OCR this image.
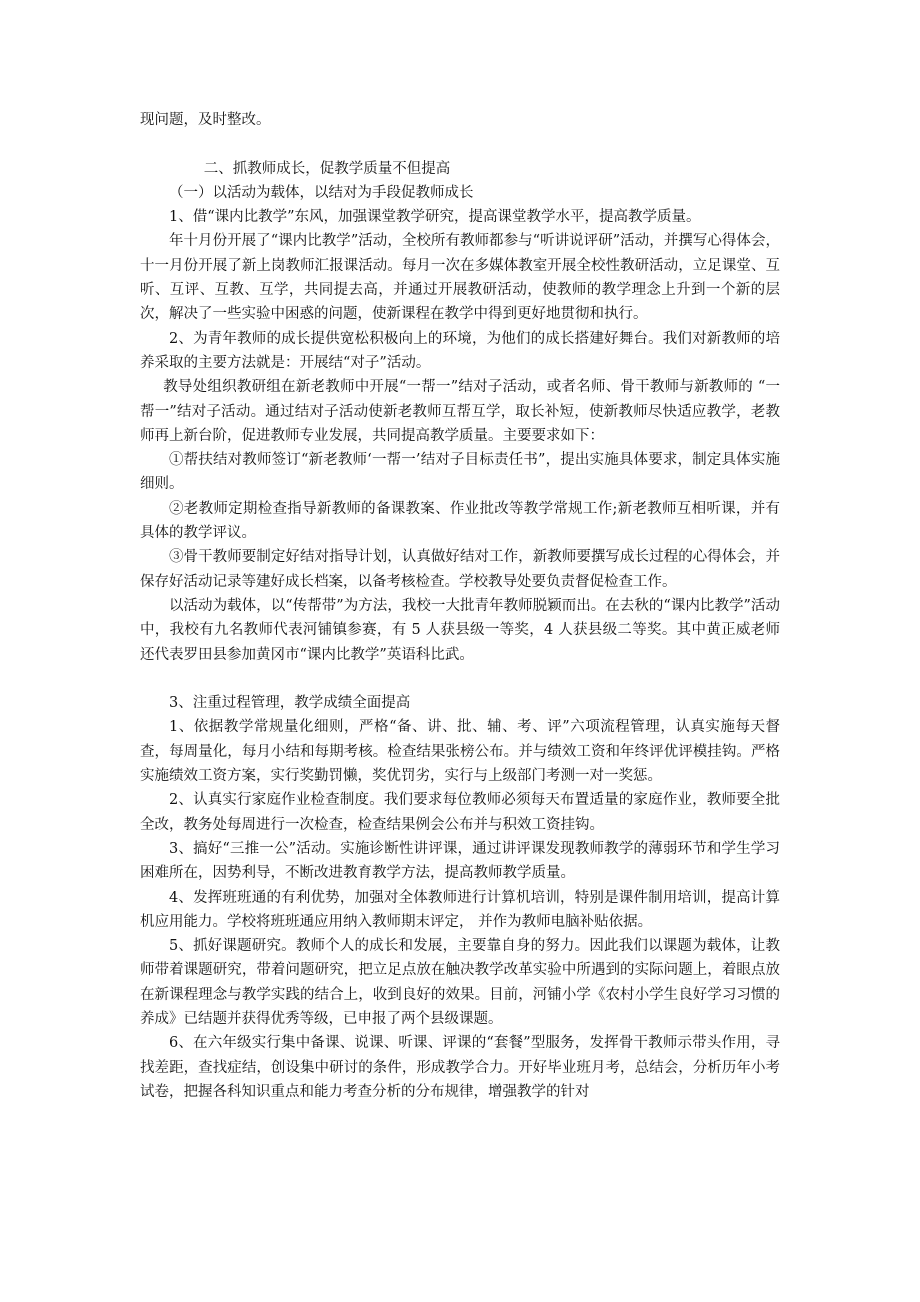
现问题，及时整改。

二、抓教师成长，促教学质量不但提高

（一）以活动为载体，以结对为手段促教师成长

1、借“课内比教学”东风，加强课堂教学研究，提高课堂教学水平，提高教学质量。

年十月份开展了“课内比教学”活动，全校所有教师都参与“听讲说评研”活动，并撰写心得体会，十一月份开展了新上岗教师汇报课活动。每月一次在多媒体教室开展全校性教研活动，立足课堂、互听、互评、互教、互学，共同提去高，并通过开展教研活动，使教师的教学理念上升到一个新的层次，解决了一些实验中困惑的问题，使新课程在教学中得到更好地贯彻和执行。

2、为青年教师的成长提供宽松积极向上的环境，为他们的成长搭建好舞台。我们对新教师的培养采取的主要方法就是：开展结“对子”活动。

教导处组织教研组在新老教师中开展“一帮一”结对子活动，或者名师、骨干教师与新教师的 “一帮一”结对子活动。通过结对子活动使新老教师互帮互学，取长补短，使新教师尽快适应教学，老教师再上新台阶，促进教师专业发展，共同提高教学质量。主要要求如下：

①帮扶结对教师签订“新老教师‘一帮一’结对子目标责任书”，提出实施具体要求，制定具体实施细则。

②老教师定期检查指导新教师的备课教案、作业批改等教学常规工作;新老教师互相听课，并有具体的教学评议。

③骨干教师要制定好结对指导计划，认真做好结对工作，新教师要撰写成长过程的心得体会，并保存好活动记录等建好成长档案，以备考核检查。学校教导处要负责督促检查工作。

以活动为载体，以“传帮带”为方法，我校一大批青年教师脱颖而出。在去秋的“课内比教学”活动中，我校有九名教师代表河铺镇参赛，有 5 人获县级一等奖，4 人获县级二等奖。其中黄正威老师还代表罗田县参加黄冈市“课内比教学”英语科比武。

3、注重过程管理，教学成绩全面提高

1、依据教学常规量化细则，严格“备、讲、批、辅、考、评”六项流程管理，认真实施每天督查，每周量化，每月小结和每期考核。检查结果张榜公布。并与绩效工资和年终评优评模挂钩。严格实施绩效工资方案，实行奖勤罚懒，奖优罚劣，实行与上级部门考测一对一奖惩。

2、认真实行家庭作业检查制度。我们要求每位教师必须每天布置适量的家庭作业，教师要全批全改，教务处每周进行一次检查，检查结果例会公布并与积效工资挂钩。

3、搞好“三推一公”活动。实施诊断性讲评课，通过讲评课发现教师教学的薄弱环节和学生学习困难所在，因势利导，不断改进教育教学方法，提高教师教学质量。

4、发挥班班通的有利优势，加强对全体教师进行计算机培训，特别是课件制用培训，提高计算机应用能力。学校将班班通应用纳入教师期末评定， 并作为教师电脑补贴依据。

5、抓好课题研究。教师个人的成长和发展，主要靠自身的努力。因此我们以课题为载体，让教师带着课题研究，带着问题研究，把立足点放在触决教学改革实验中所遇到的实际问题上，着眼点放在新课程理念与教学实践的结合上，收到良好的效果。目前，河铺小学《农村小学生良好学习习惯的养成》已结题并获得优秀等级，已申报了两个县级课题。

6、在六年级实行集中备课、说课、听课、评课的“套餐”型服务，发挥骨干教师示带头作用，寻找差距，查找症结，创设集中研讨的条件，形成教学合力。开好毕业班月考，总结会，分析历年小考试卷，把握各科知识重点和能力考查分析的分布规律，增强教学的针对
